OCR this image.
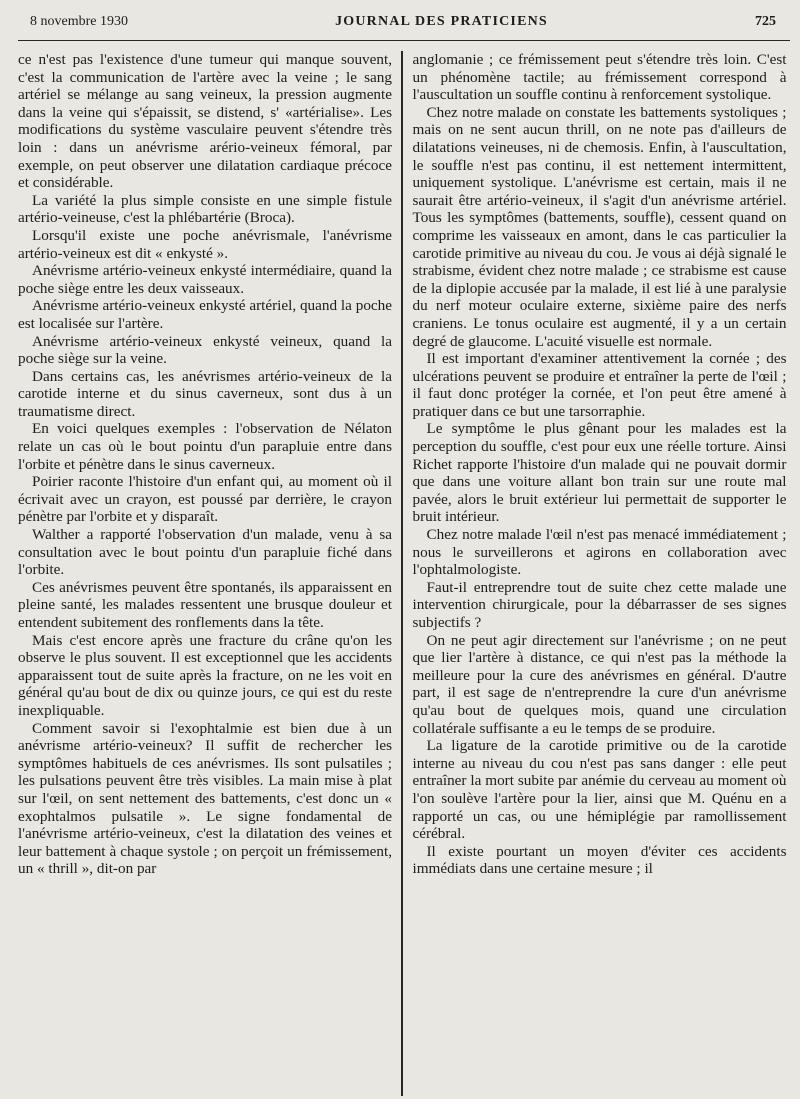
8 novembre 1930	JOURNAL DES PRATICIENS	725

ce n'est pas l'existence d'une tumeur qui manque souvent, c'est la communication de l'artère avec la veine ; le sang artériel se mélange au sang veineux, la pression augmente dans la veine qui s'épaissit, se distend, s' «artérialise». Les modifications du système vasculaire peuvent s'étendre très loin : dans un anévrisme arério-veineux fémoral, par exemple, on peut observer une dilatation cardiaque précoce et considérable.

La variété la plus simple consiste en une simple fistule artério-veineuse, c'est la phlébartérie (Broca).

Lorsqu'il existe une poche anévrismale, l'anévrisme artério-veineux est dit « enkysté ».

Anévrisme artério-veineux enkysté intermédiaire, quand la poche siège entre les deux vaisseaux.

Anévrisme artério-veineux enkysté artériel, quand la poche est localisée sur l'artère.

Anévrisme artério-veineux enkysté veineux, quand la poche siège sur la veine.

Dans certains cas, les anévrismes artério-veineux de la carotide interne et du sinus caverneux, sont dus à un traumatisme direct.

En voici quelques exemples : l'observation de Nélaton relate un cas où le bout pointu d'un parapluie entre dans l'orbite et pénètre dans le sinus caverneux.

Poirier raconte l'histoire d'un enfant qui, au moment où il écrivait avec un crayon, est poussé par derrière, le crayon pénètre par l'orbite et y disparaît.

Walther a rapporté l'observation d'un malade, venu à sa consultation avec le bout pointu d'un parapluie fiché dans l'orbite.

Ces anévrismes peuvent être spontanés, ils apparaissent en pleine santé, les malades ressentent une brusque douleur et entendent subitement des ronflements dans la tête.

Mais c'est encore après une fracture du crâne qu'on les observe le plus souvent. Il est exceptionnel que les accidents apparaissent tout de suite après la fracture, on ne les voit en général qu'au bout de dix ou quinze jours, ce qui est du reste inexpliquable.

Comment savoir si l'exophtalmie est bien due à un anévrisme artério-veineux? Il suffit de rechercher les symptômes habituels de ces anévrismes. Ils sont pulsatiles ; les pulsations peuvent être très visibles. La main mise à plat sur l'œil, on sent nettement des battements, c'est donc un « exophtalmos pulsatile ». Le signe fondamental de l'anévrisme artério-veineux, c'est la dilatation des veines et leur battement à chaque systole ; on perçoit un frémissement, un « thrill », dit-on par

anglomanie ; ce frémissement peut s'étendre très loin. C'est un phénomène tactile; au frémissement correspond à l'auscultation un souffle continu à renforcement systolique.

Chez notre malade on constate les battements systoliques ; mais on ne sent aucun thrill, on ne note pas d'ailleurs de dilatations veineuses, ni de chemosis. Enfin, à l'auscultation, le souffle n'est pas continu, il est nettement intermittent, uniquement systolique. L'anévrisme est certain, mais il ne saurait être artério-veineux, il s'agit d'un anévrisme artériel. Tous les symptômes (battements, souffle), cessent quand on comprime les vaisseaux en amont, dans le cas particulier la carotide primitive au niveau du cou. Je vous ai déjà signalé le strabisme, évident chez notre malade ; ce strabisme est cause de la diplopie accusée par la malade, il est lié à une paralysie du nerf moteur oculaire externe, sixième paire des nerfs craniens. Le tonus oculaire est augmenté, il y a un certain degré de glaucome. L'acuité visuelle est normale.

Il est important d'examiner attentivement la cornée ; des ulcérations peuvent se produire et entraîner la perte de l'œil ; il faut donc protéger la cornée, et l'on peut être amené à pratiquer dans ce but une tarsorraphie.

Le symptôme le plus gênant pour les malades est la perception du souffle, c'est pour eux une réelle torture. Ainsi Richet rapporte l'histoire d'un malade qui ne pouvait dormir que dans une voiture allant bon train sur une route mal pavée, alors le bruit extérieur lui permettait de supporter le bruit intérieur.

Chez notre malade l'œil n'est pas menacé immédiatement ; nous le surveillerons et agirons en collaboration avec l'ophtalmologiste.

Faut-il entreprendre tout de suite chez cette malade une intervention chirurgicale, pour la débarrasser de ses signes subjectifs ?

On ne peut agir directement sur l'anévrisme ; on ne peut que lier l'artère à distance, ce qui n'est pas la méthode la meilleure pour la cure des anévrismes en général. D'autre part, il est sage de n'entreprendre la cure d'un anévrisme qu'au bout de quelques mois, quand une circulation collatérale suffisante a eu le temps de se produire.

La ligature de la carotide primitive ou de la carotide interne au niveau du cou n'est pas sans danger : elle peut entraîner la mort subite par anémie du cerveau au moment où l'on soulève l'artère pour la lier, ainsi que M. Quénu en a rapporté un cas, ou une hémiplégie par ramollissement cérébral.

Il existe pourtant un moyen d'éviter ces accidents immédiats dans une certaine mesure ; il
